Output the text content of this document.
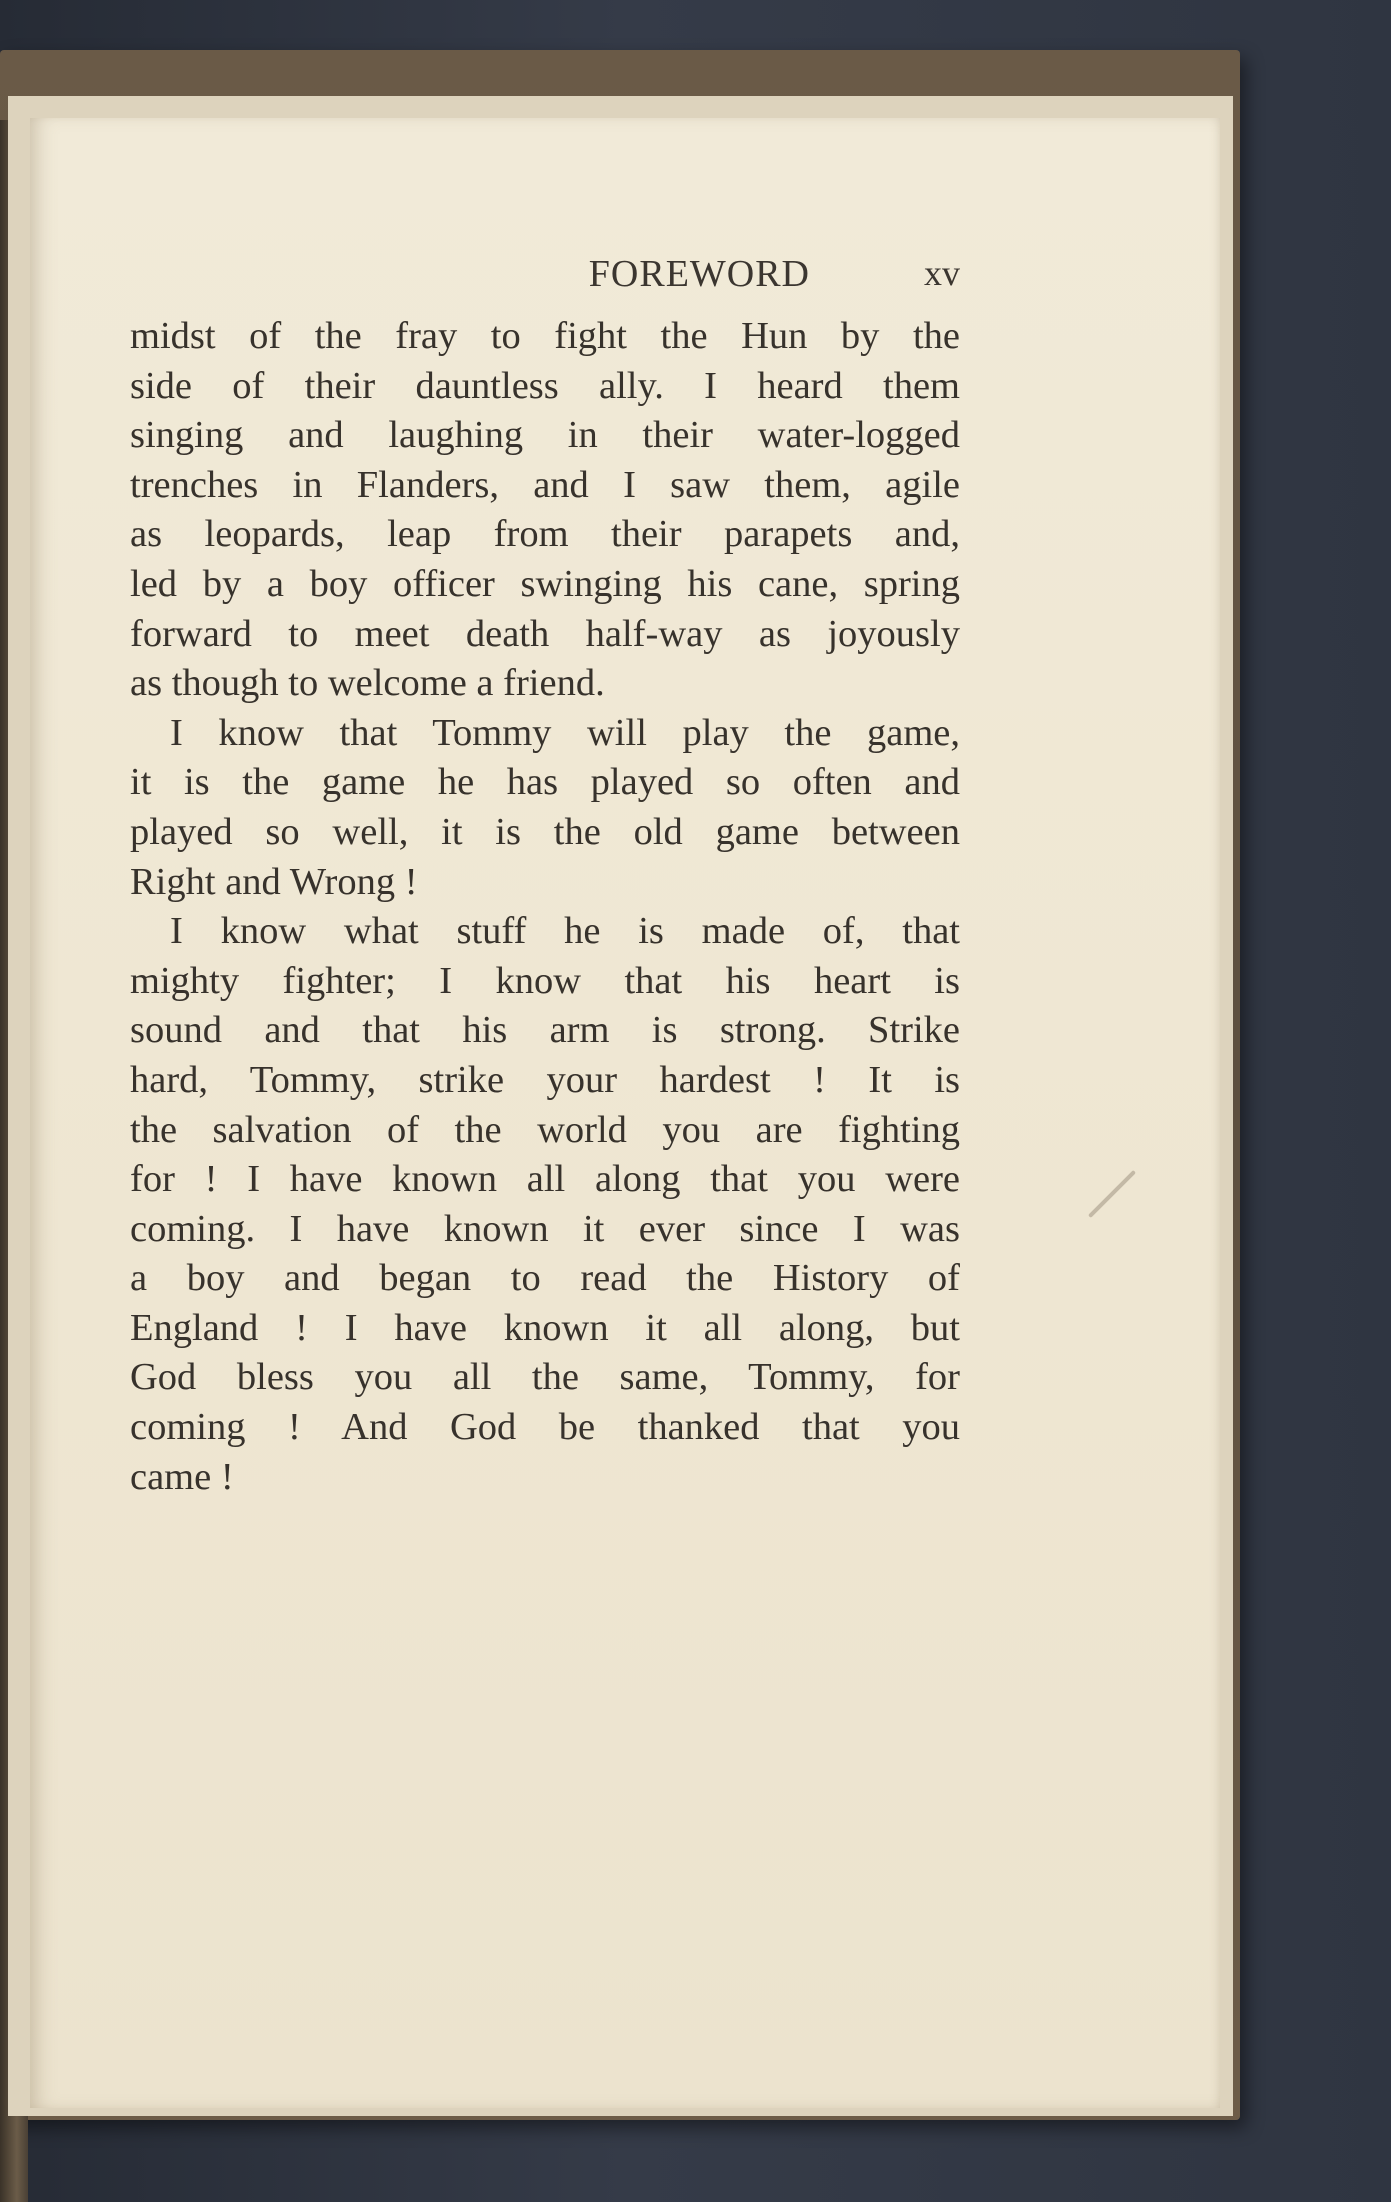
FOREWORD	xv

midst of the fray to fight the Hun by the

side of their dauntless ally. I heard them

singing and laughing in their water-logged

trenches in Flanders, and I saw them, agile

as leopards, leap from their parapets and,

led by a boy officer swinging his cane, spring

forward to meet death half-way as joyously

as though to welcome a friend.

I know that Tommy will play the game,

it is the game he has played so often and

played so well, it is the old game between

Right and Wrong !

I know what stuff he is made of, that

mighty fighter; I know that his heart is

sound and that his arm is strong. Strike

hard, Tommy, strike your hardest ! It is

the salvation of the world you are fighting

for ! I have known all along that you were

coming. I have known it ever since I was

a boy and began to read the History of

England ! I have known it all along, but

God bless you all the same, Tommy, for

coming ! And God be thanked that you

came !
